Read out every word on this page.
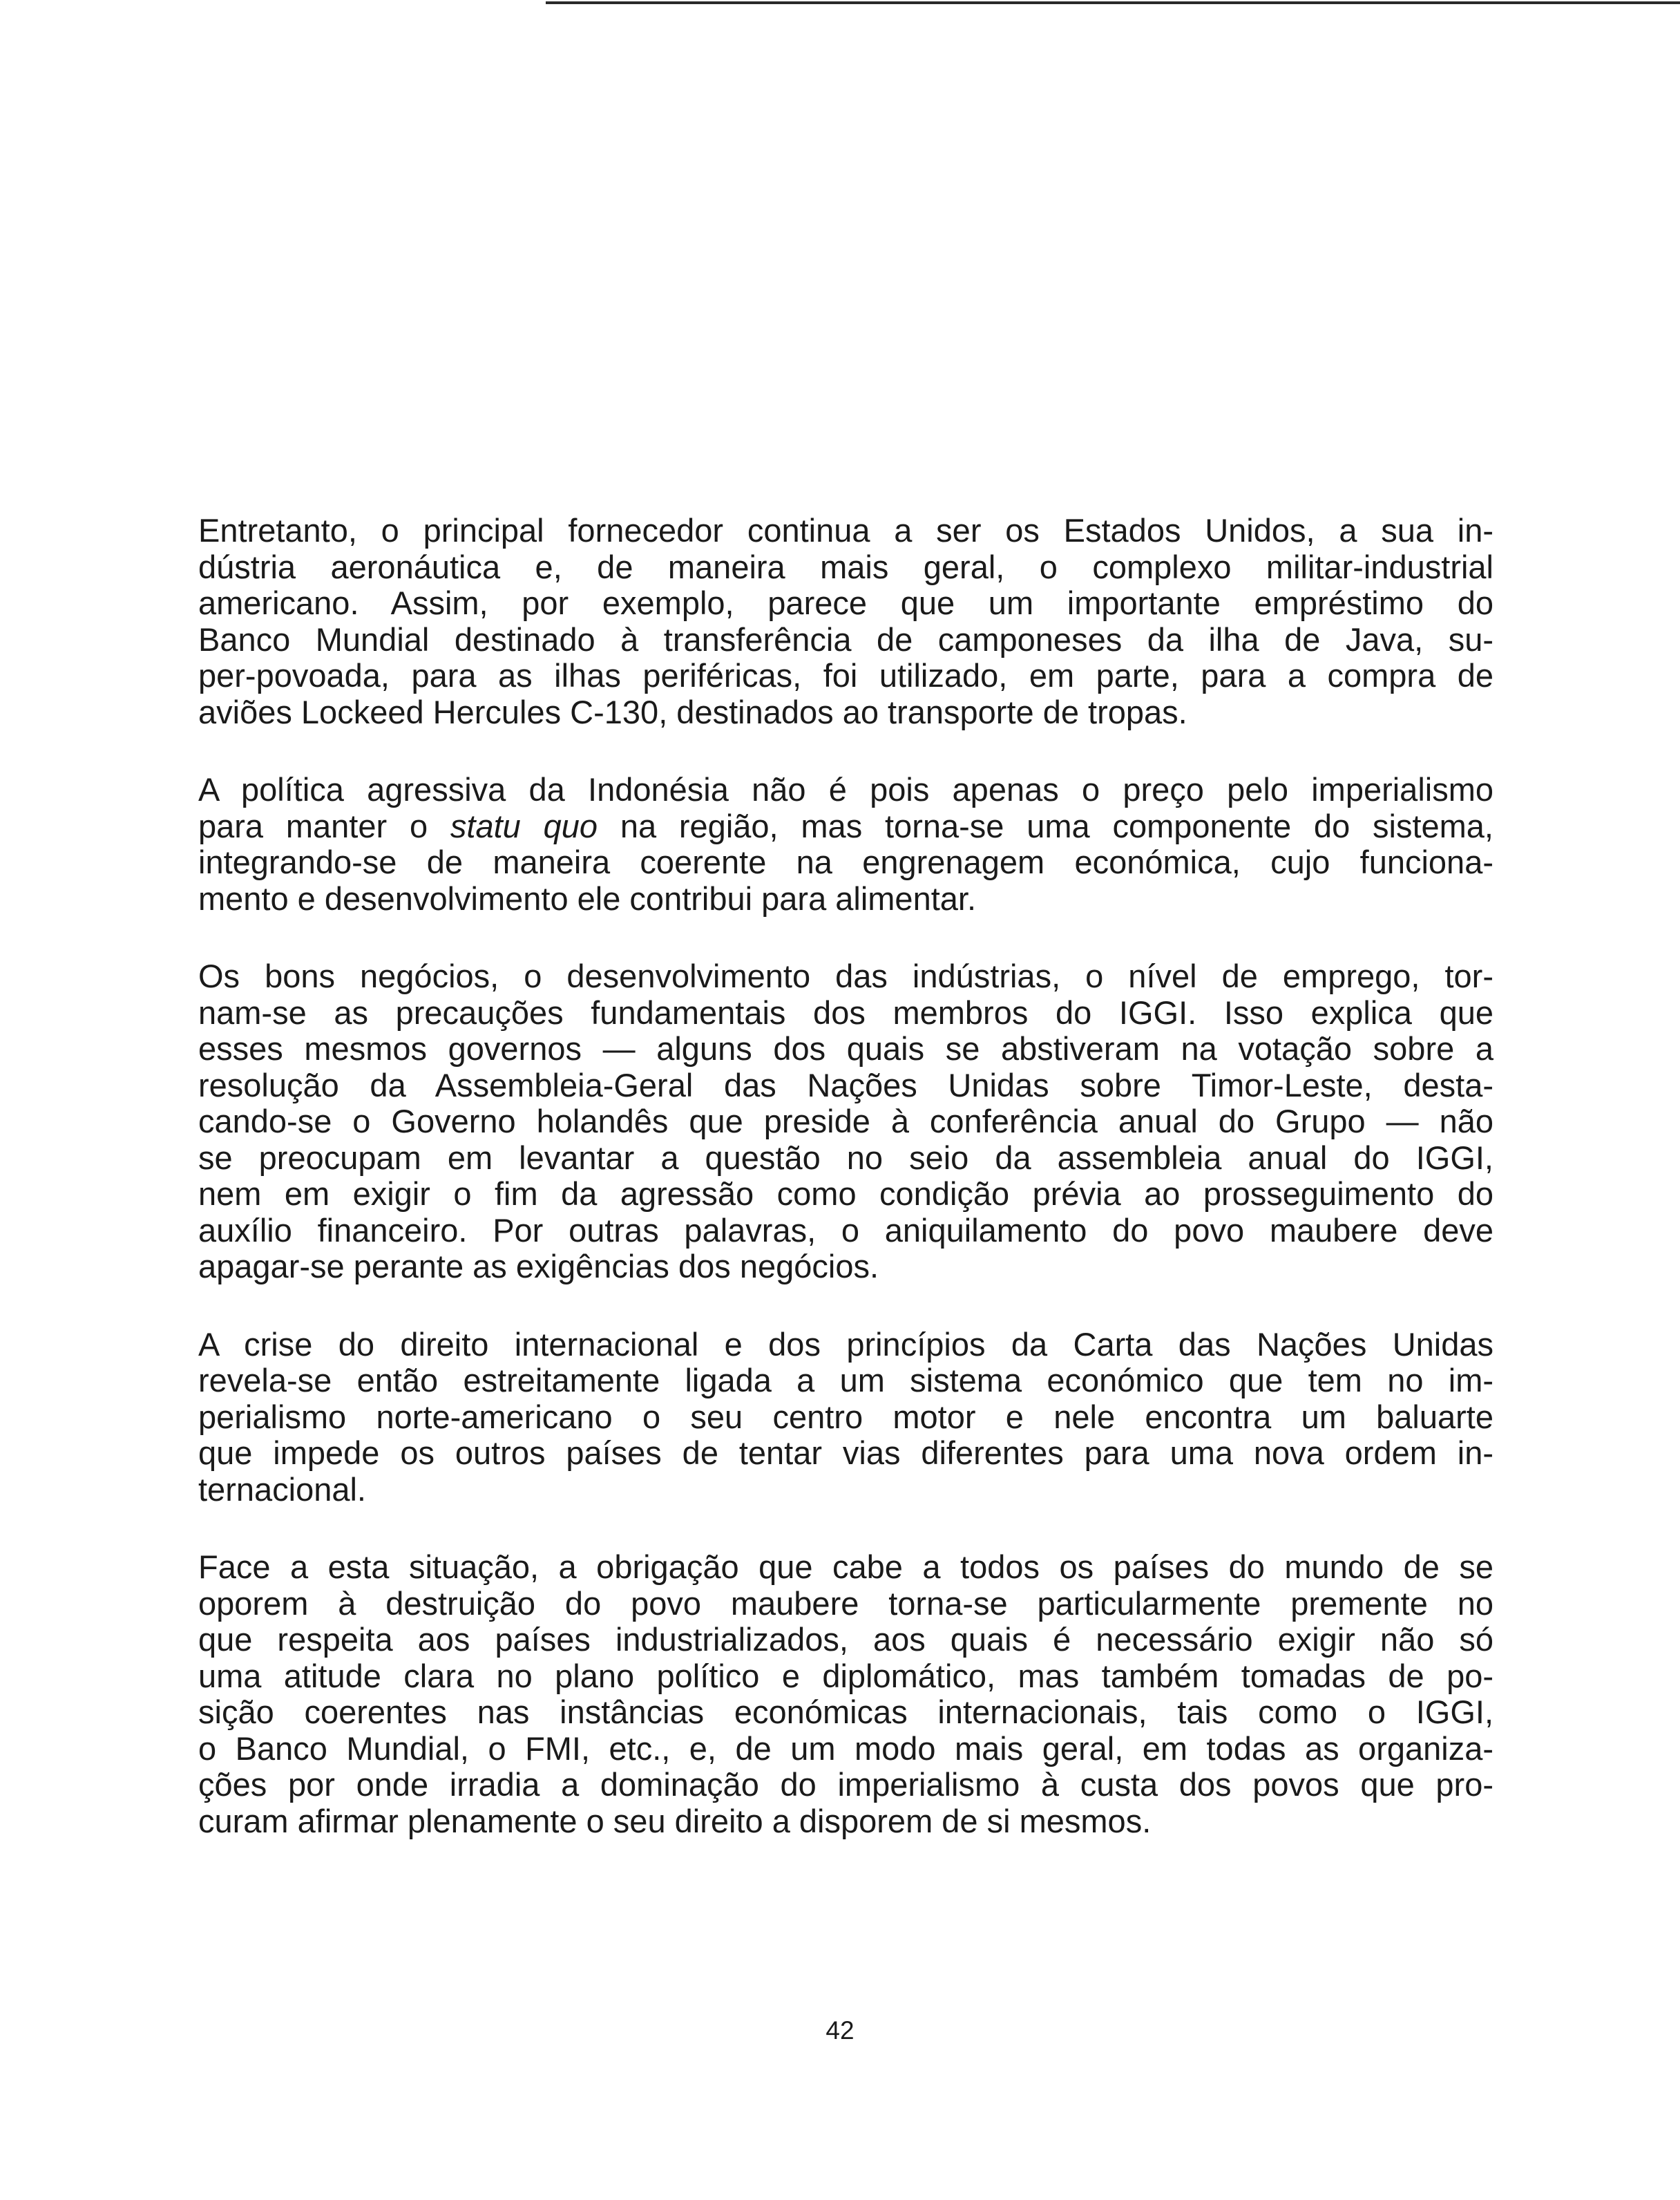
Entretanto, o principal fornecedor continua a ser os Estados Unidos, a sua in-
dústria aeronáutica e, de maneira mais geral, o complexo militar-industrial
americano. Assim, por exemplo, parece que um importante empréstimo do
Banco Mundial destinado à transferência de camponeses da ilha de Java, su-
per-povoada, para as ilhas periféricas, foi utilizado, em parte, para a compra de
aviões Lockeed Hercules C-130, destinados ao transporte de tropas.

A política agressiva da Indonésia não é pois apenas o preço pelo imperialismo
para manter o statu quo na região, mas torna-se uma componente do sistema,
integrando-se de maneira coerente na engrenagem económica, cujo funciona-
mento e desenvolvimento ele contribui para alimentar.

Os bons negócios, o desenvolvimento das indústrias, o nível de emprego, tor-
nam-se as precauções fundamentais dos membros do IGGI. Isso explica que
esses mesmos governos — alguns dos quais se abstiveram na votação sobre a
resolução da Assembleia-Geral das Nações Unidas sobre Timor-Leste, desta-
cando-se o Governo holandês que preside à conferência anual do Grupo — não
se preocupam em levantar a questão no seio da assembleia anual do IGGI,
nem em exigir o fim da agressão como condição prévia ao prosseguimento do
auxílio financeiro. Por outras palavras, o aniquilamento do povo maubere deve
apagar-se perante as exigências dos negócios.

A crise do direito internacional e dos princípios da Carta das Nações Unidas
revela-se então estreitamente ligada a um sistema económico que tem no im-
perialismo norte-americano o seu centro motor e nele encontra um baluarte
que impede os outros países de tentar vias diferentes para uma nova ordem in-
ternacional.

Face a esta situação, a obrigação que cabe a todos os países do mundo de se
oporem à destruição do povo maubere torna-se particularmente premente no
que respeita aos países industrializados, aos quais é necessário exigir não só
uma atitude clara no plano político e diplomático, mas também tomadas de po-
sição coerentes nas instâncias económicas internacionais, tais como o IGGI,
o Banco Mundial, o FMI, etc., e, de um modo mais geral, em todas as organiza-
ções por onde irradia a dominação do imperialismo à custa dos povos que pro-
curam afirmar plenamente o seu direito a disporem de si mesmos.

42
